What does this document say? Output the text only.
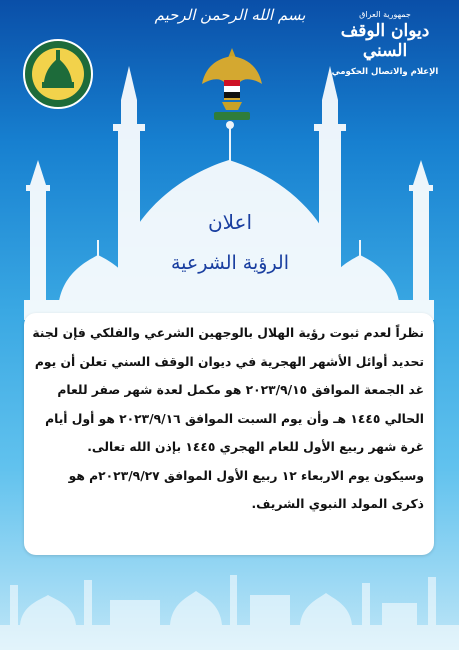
بسم الله الرحمن الرحيم	جمهورية العراق
ديوان الوقف السني
الإعلام والاتصال الحكومي
اعلان
الرؤية الشرعية

نظراً لعدم ثبوت رؤية الهلال بالوجهين الشرعي والفلكي فإن لجنة تحديد أوائل الأشهر الهجرية في ديوان الوقف السني تعلن أن يوم غد الجمعة الموافق ٢٠٢٣/٩/١٥ هو مكمل لعدة شهر صفر للعام الحالي ١٤٤٥ هـ وأن يوم السبت الموافق ٢٠٢٣/٩/١٦ هو أول أيام غرة شهر ربيع الأول للعام الهجري ١٤٤٥ بإذن الله تعالى.

وسيكون يوم الاربعاء ١٢ ربيع الأول الموافق ٢٠٢٣/٩/٢٧م هو ذكرى المولد النبوي الشريف.
